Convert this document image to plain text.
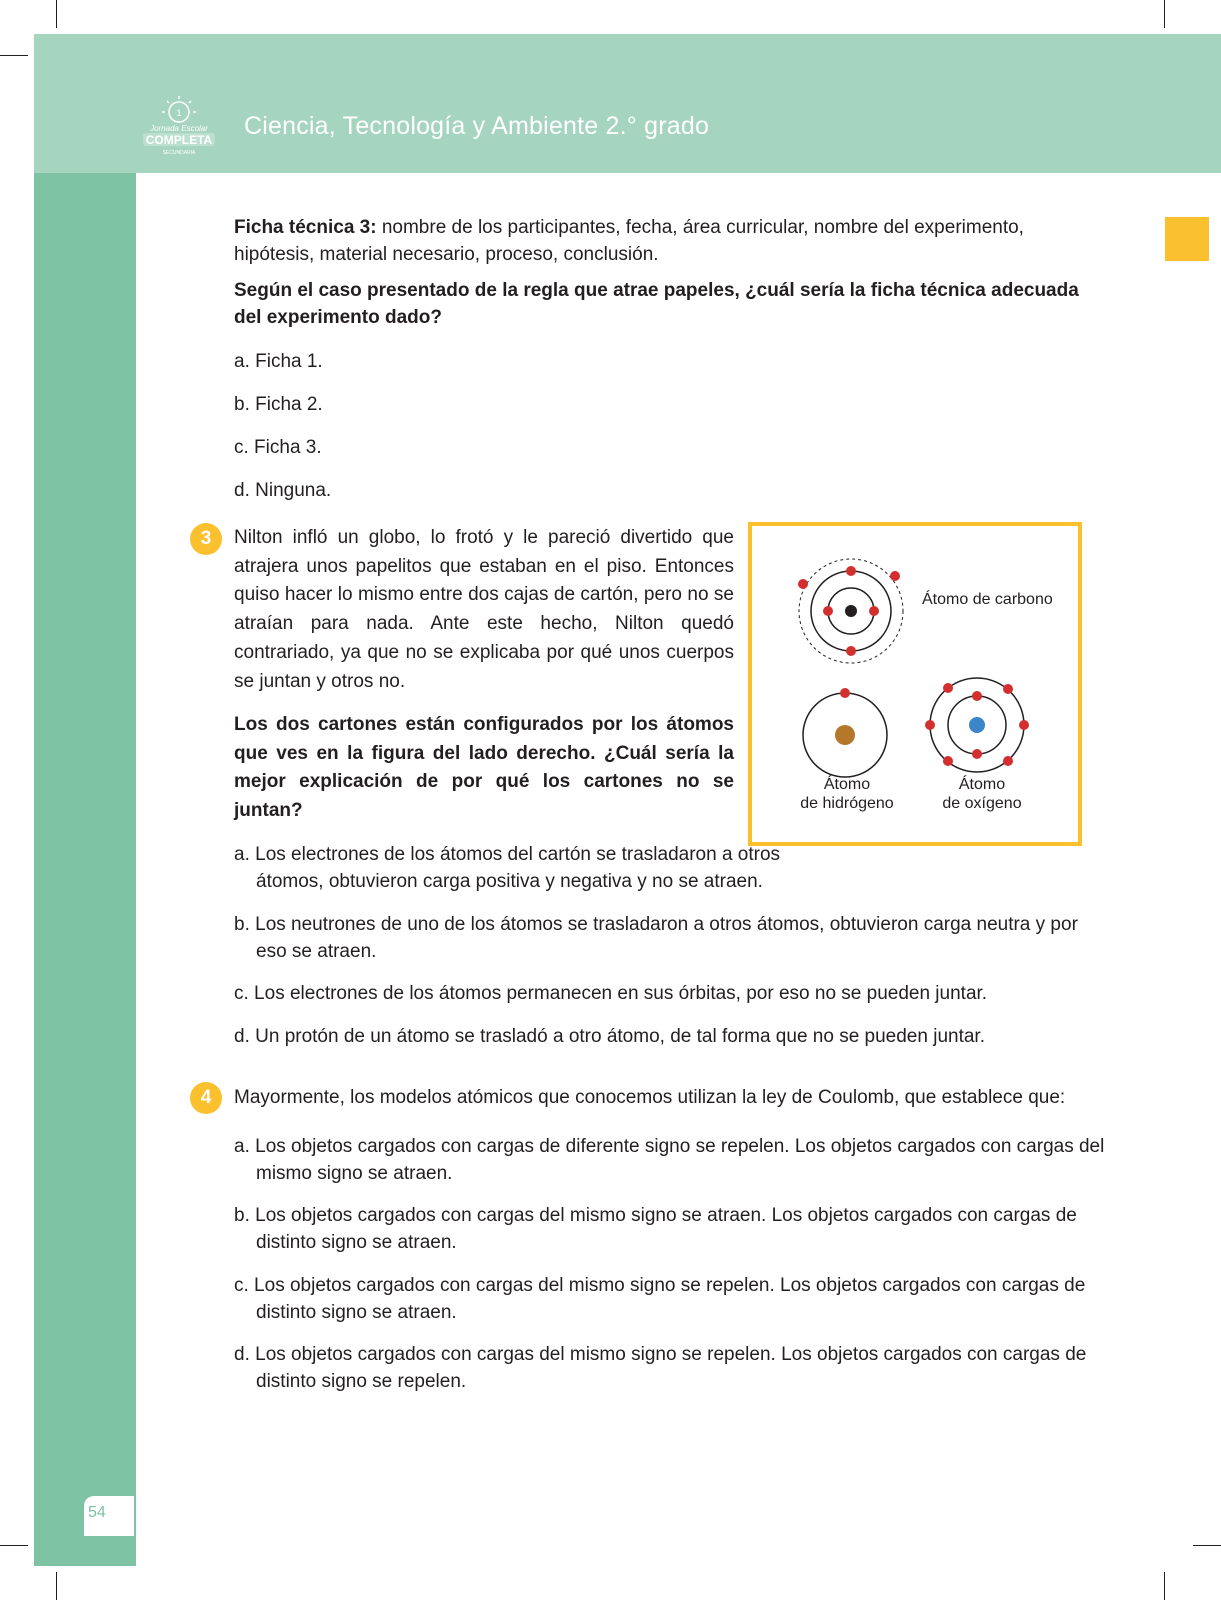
1
Jornada Escolar
COMPLETA
SECUNDARIA
Ciencia, Tecnología y Ambiente 2.° grado
Ficha técnica 3: nombre de los participantes, fecha, área curricular, nombre del experimento, hipótesis, material necesario, proceso, conclusión.
Según el caso presentado de la regla que atrae papeles, ¿cuál sería la ficha técnica adecuada del experimento dado?
a. Ficha 1.
b. Ficha 2.
c. Ficha 3.
d. Ninguna.
3	Nilton infló un globo, lo frotó y le pareció divertido que atrajera unos papelitos que estaban en el piso. Entonces quiso hacer lo mismo entre dos cajas de cartón, pero no se atraían para nada. Ante este hecho, Nilton quedó contrariado, ya que no se explicaba por qué unos cuerpos se juntan y otros no.
Los dos cartones están configurados por los átomos que ves en la figura del lado derecho. ¿Cuál sería la mejor explicación de por qué los cartones no se juntan?
Átomo de carbono
Átomo
de hidrógeno
Átomo
de oxígeno
a. Los electrones de los átomos del cartón se trasladaron a otros átomos, obtuvieron carga positiva y negativa y no se atraen.
b. Los neutrones de uno de los átomos se trasladaron a otros átomos, obtuvieron carga neutra y por eso se atraen.
c. Los electrones de los átomos permanecen en sus órbitas, por eso no se pueden juntar.
d. Un protón de un átomo se trasladó a otro átomo, de tal forma que no se pueden juntar.
4	Mayormente, los modelos atómicos que conocemos utilizan la ley de Coulomb, que establece que:
a. Los objetos cargados con cargas de diferente signo se repelen. Los objetos cargados con cargas del mismo signo se atraen.
b. Los objetos cargados con cargas del mismo signo se atraen. Los objetos cargados con cargas de distinto signo se atraen.
c. Los objetos cargados con cargas del mismo signo se repelen. Los objetos cargados con cargas de distinto signo se atraen.
d. Los objetos cargados con cargas del mismo signo se repelen. Los objetos cargados con cargas de distinto signo se repelen.
54
